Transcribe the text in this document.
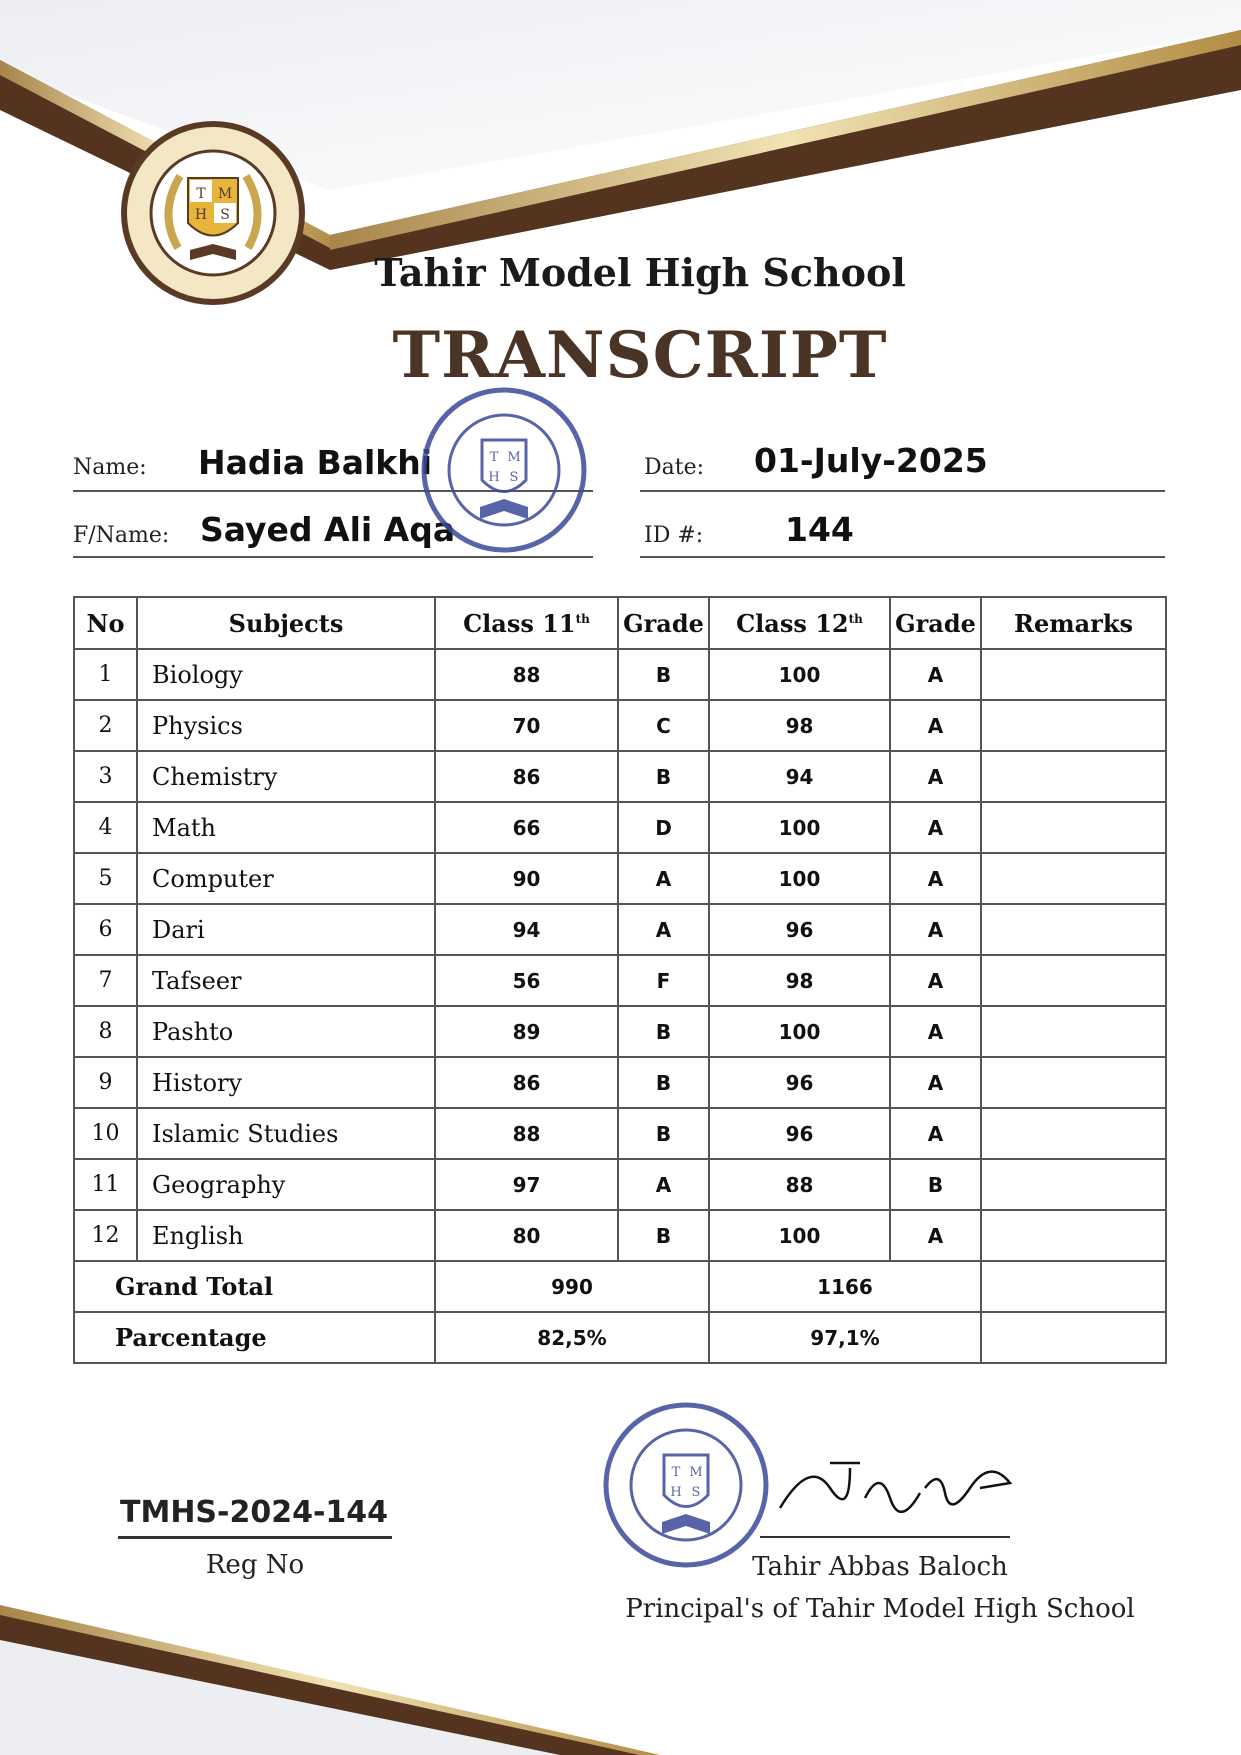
T M
H S
Tahir Model High School
TRANSCRIPT
Name: Hadia Balkhi
F/Name: Sayed Ali Aqa
Date: 01-July-2025
ID #: 144
T M
H S
No	Subjects	Class 11th	Grade	Class 12th	Grade	Remarks
1	Biology	88	B	100	A	
2	Physics	70	C	98	A	
3	Chemistry	86	B	94	A	
4	Math	66	D	100	A	
5	Computer	90	A	100	A	
6	Dari	94	A	96	A	
7	Tafseer	56	F	98	A	
8	Pashto	89	B	100	A	
9	History	86	B	96	A	
10	Islamic Studies	88	B	96	A	
11	Geography	97	A	88	B	
12	English	80	B	100	A	
Grand Total		990		1166		
Parcentage		82,5%		97,1%		
TMHS-2024-144
Reg No
T M
H S
Tahir Abbas Baloch
Principal's of Tahir Model High School
